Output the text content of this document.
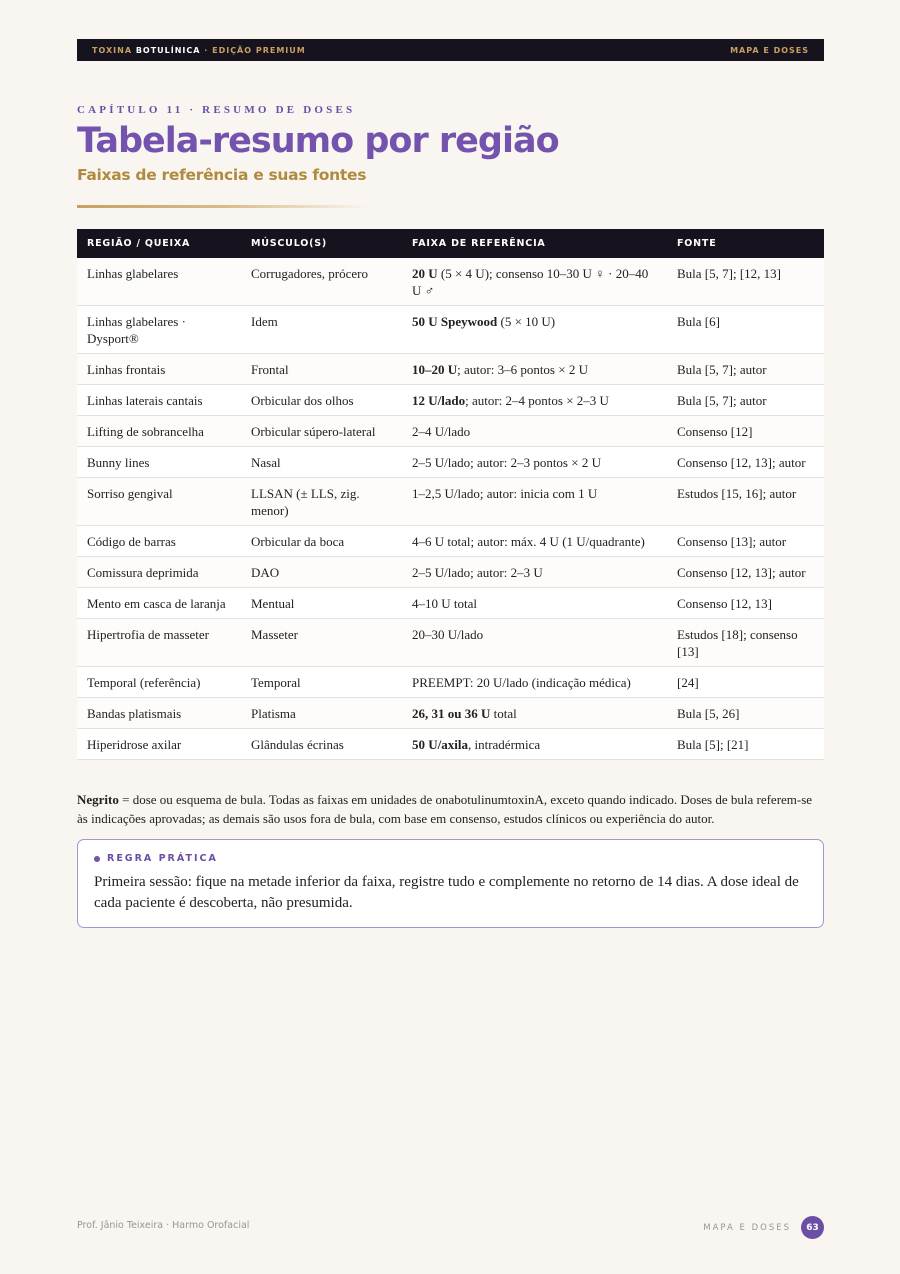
TOXINA BOTULÍNICA · EDIÇÃO PREMIUM	MAPA E DOSES
CAPÍTULO 11 · RESUMO DE DOSES
Tabela-resumo por região
Faixas de referência e suas fontes
REGIÃO / QUEIXA	MÚSCULO(S)	FAIXA DE REFERÊNCIA	FONTE
Linhas glabelares	Corrugadores, prócero	20 U (5 × 4 U); consenso 10–30 U ♀ · 20–40 U ♂	Bula [5, 7]; [12, 13]
Linhas glabelares · Dysport®	Idem	50 U Speywood (5 × 10 U)	Bula [6]
Linhas frontais	Frontal	10–20 U; autor: 3–6 pontos × 2 U	Bula [5, 7]; autor
Linhas laterais cantais	Orbicular dos olhos	12 U/lado; autor: 2–4 pontos × 2–3 U	Bula [5, 7]; autor
Lifting de sobrancelha	Orbicular súpero-lateral	2–4 U/lado	Consenso [12]
Bunny lines	Nasal	2–5 U/lado; autor: 2–3 pontos × 2 U	Consenso [12, 13]; autor
Sorriso gengival	LLSAN (± LLS, zig. menor)	1–2,5 U/lado; autor: inicia com 1 U	Estudos [15, 16]; autor
Código de barras	Orbicular da boca	4–6 U total; autor: máx. 4 U (1 U/quadrante)	Consenso [13]; autor
Comissura deprimida	DAO	2–5 U/lado; autor: 2–3 U	Consenso [12, 13]; autor
Mento em casca de laranja	Mentual	4–10 U total	Consenso [12, 13]
Hipertrofia de masseter	Masseter	20–30 U/lado	Estudos [18]; consenso [13]
Temporal (referência)	Temporal	PREEMPT: 20 U/lado (indicação médica)	[24]
Bandas platismais	Platisma	26, 31 ou 36 U total	Bula [5, 26]
Hiperidrose axilar	Glândulas écrinas	50 U/axila, intradérmica	Bula [5]; [21]
Negrito = dose ou esquema de bula. Todas as faixas em unidades de onabotulinumtoxinA, exceto quando indicado. Doses de bula referem-se às indicações aprovadas; as demais são usos fora de bula, com base em consenso, estudos clínicos ou experiência do autor.
REGRA PRÁTICA
Primeira sessão: fique na metade inferior da faixa, registre tudo e complemente no retorno de 14 dias. A dose ideal de cada paciente é descoberta, não presumida.
Prof. Jânio Teixeira · Harmo Orofacial	MAPA E DOSES	63
